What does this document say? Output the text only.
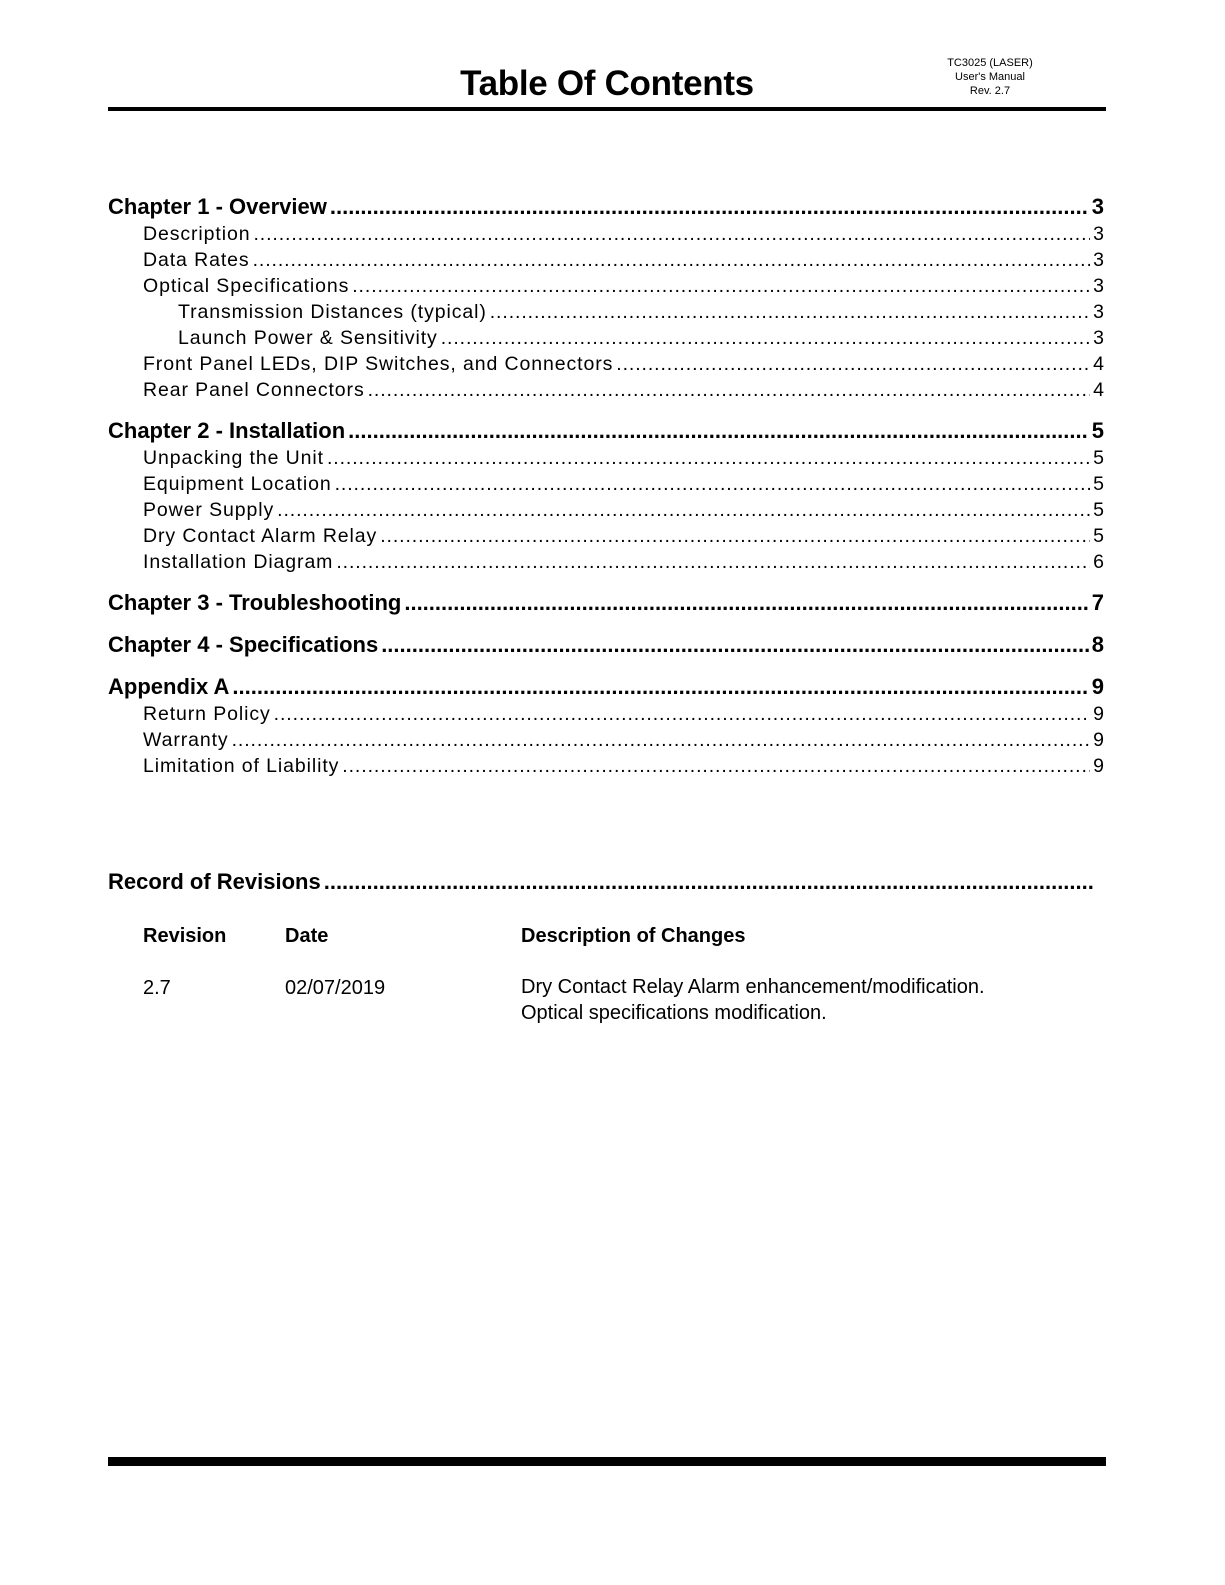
Table Of Contents
TC3025 (LASER)
User's Manual
Rev. 2.7
Chapter 1 - Overview .....	3
Description .....	3
Data Rates .....	3
Optical Specifications .....	3
Transmission Distances (typical) .....	3
Launch Power & Sensitivity .....	3
Front Panel LEDs, DIP Switches, and Connectors .....	4
Rear Panel Connectors .....	4
Chapter 2 - Installation .....	5
Unpacking the Unit .....	5
Equipment Location .....	5
Power Supply .....	5
Dry Contact Alarm Relay .....	5
Installation Diagram .....	6
Chapter 3 - Troubleshooting .....	7
Chapter 4 - Specifications .....	8
Appendix A .....	9
Return Policy .....	9
Warranty .....	9
Limitation of Liability .....	9
Record of Revisions
.....
Revision	Date	Description of Changes
2.7	02/07/2019	Dry Contact Relay Alarm enhancement/modification.
Optical specifications modification.
